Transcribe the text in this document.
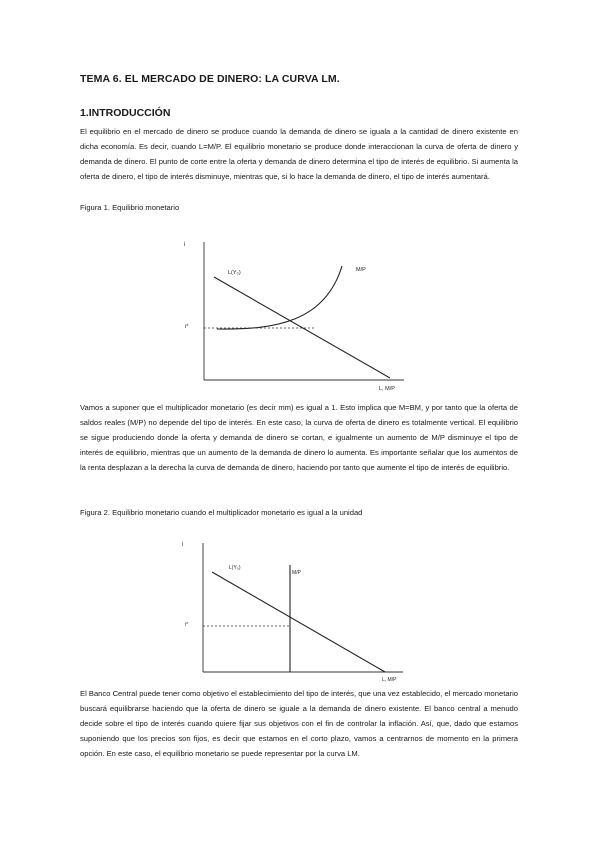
TEMA 6. EL MERCADO DE DINERO: LA CURVA LM.
1.INTRODUCCIÓN
El equilibrio en el mercado de dinero se produce cuando la demanda de dinero se iguala a la cantidad de dinero existente en dicha economía. Es decir, cuando L=M/P. El equilibrio monetario se produce donde interaccionan la curva de oferta de dinero y demanda de dinero. El punto de corte entre la oferta y demanda de dinero determina el tipo de interés de equilibrio. Si aumenta la oferta de dinero, el tipo de interés disminuye, mientras que, si lo hace la demanda de dinero, el tipo de interés aumentará.
Figura 1. Equilibrio monetario
i
L, M/P
L(Y₀)	M/P
i*
Vamos a suponer que el multiplicador monetario (es decir mm) es igual a 1. Esto implica que M=BM, y por tanto que la oferta de saldos reales (M/P) no depende del tipo de interés. En este caso, la curva de oferta de dinero es totalmente vertical. El equilibrio se sigue produciendo donde la oferta y demanda de dinero se cortan, e igualmente un aumento de M/P disminuye el tipo de interés de equilibrio, mientras que un aumento de la demanda de dinero lo aumenta. Es importante señalar que los aumentos de la renta desplazan a la derecha la curva de demanda de dinero, haciendo por tanto que aumente el tipo de interés de equilibrio.
Figura 2. Equilibrio monetario cuando el multiplicador monetario es igual a la unidad
i
L, M/P
L(Y₀)
M/P
i*
El Banco Central puede tener como objetivo el establecimiento del tipo de interés, que una vez establecido, el mercado monetario buscará equilibrarse haciendo que la oferta de dinero se iguale a la demanda de dinero existente. El banco central a menudo decide sobre el tipo de interés cuando quiere fijar sus objetivos con el fin de controlar la inflación. Así, que, dado que estamos suponiendo que los precios son fijos, es decir que estamos en el corto plazo, vamos a centrarnos de momento en la primera opción. En este caso, el equilibrio monetario se puede representar por la curva LM.
